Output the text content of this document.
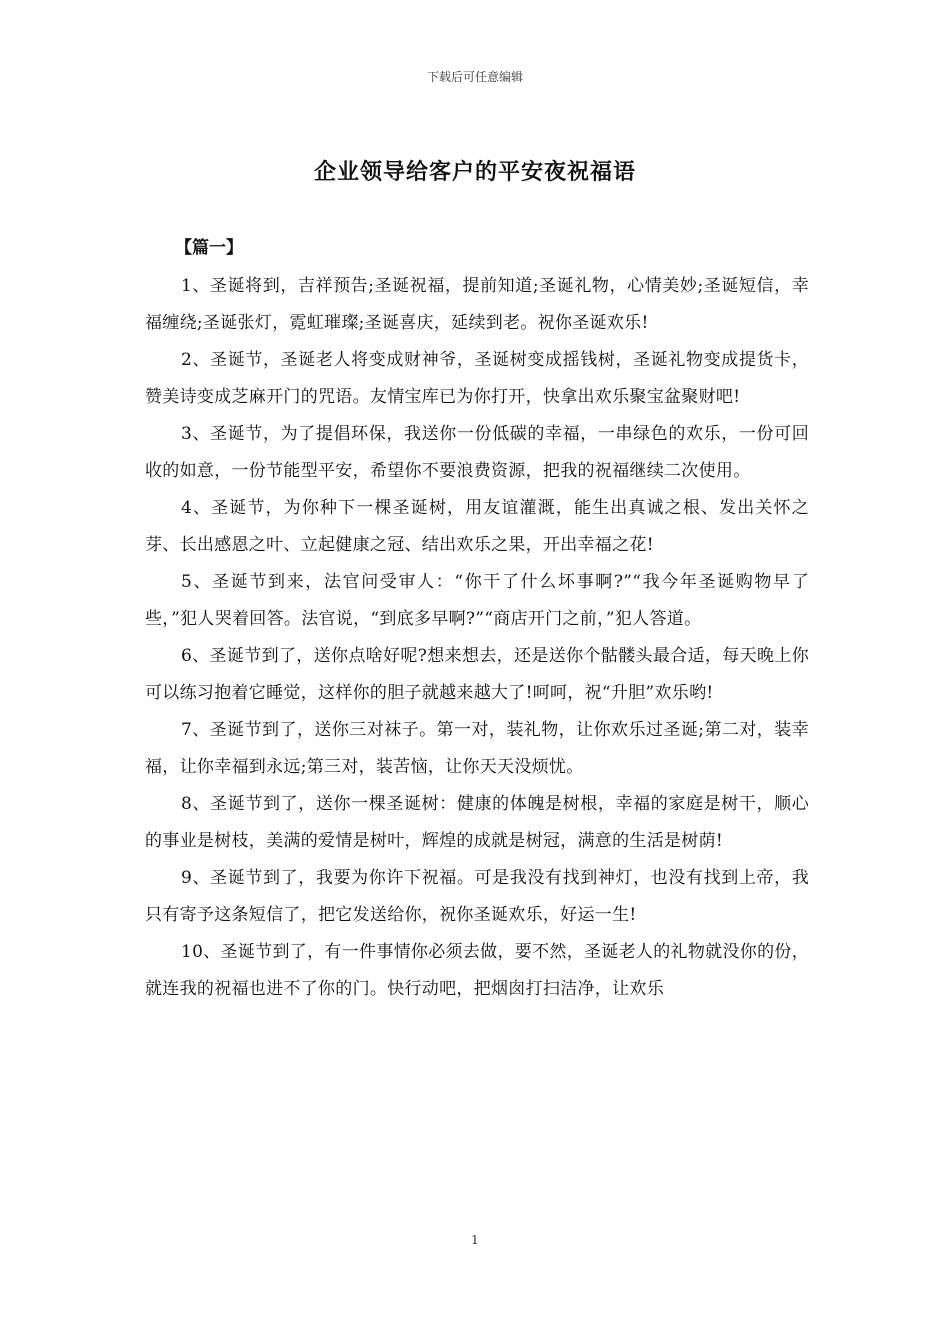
下载后可任意编辑
企业领导给客户的平安夜祝福语
【篇一】

1、圣诞将到，吉祥预告;圣诞祝福，提前知道;圣诞礼物，心情美妙;圣诞短信，幸福缠绕;圣诞张灯，霓虹璀璨;圣诞喜庆，延续到老。祝你圣诞欢乐!

2、圣诞节，圣诞老人将变成财神爷，圣诞树变成摇钱树，圣诞礼物变成提货卡，赞美诗变成芝麻开门的咒语。友情宝库已为你打开，快拿出欢乐聚宝盆聚财吧!

3、圣诞节，为了提倡环保，我送你一份低碳的幸福，一串绿色的欢乐，一份可回收的如意，一份节能型平安，希望你不要浪费资源，把我的祝福继续二次使用。

4、圣诞节，为你种下一棵圣诞树，用友谊灌溉，能生出真诚之根、发出关怀之芽、长出感恩之叶、立起健康之冠、结出欢乐之果，开出幸福之花!

5、圣诞节到来，法官问受审人：“你干了什么坏事啊?”“我今年圣诞购物早了些，”犯人哭着回答。法官说，“到底多早啊?”“商店开门之前，”犯人答道。

6、圣诞节到了，送你点啥好呢?想来想去，还是送你个骷髅头最合适，每天晚上你可以练习抱着它睡觉，这样你的胆子就越来越大了!呵呵，祝“升胆”欢乐哟!

7、圣诞节到了，送你三对袜子。第一对，装礼物，让你欢乐过圣诞;第二对，装幸福，让你幸福到永远;第三对，装苦恼，让你天天没烦忧。

8、圣诞节到了，送你一棵圣诞树：健康的体魄是树根，幸福的家庭是树干，顺心的事业是树枝，美满的爱情是树叶，辉煌的成就是树冠，满意的生活是树荫!

9、圣诞节到了，我要为你许下祝福。可是我没有找到神灯，也没有找到上帝，我只有寄予这条短信了，把它发送给你，祝你圣诞欢乐，好运一生!

10、圣诞节到了，有一件事情你必须去做，要不然，圣诞老人的礼物就没你的份，就连我的祝福也进不了你的门。快行动吧，把烟囱打扫洁净，让欢乐

1
